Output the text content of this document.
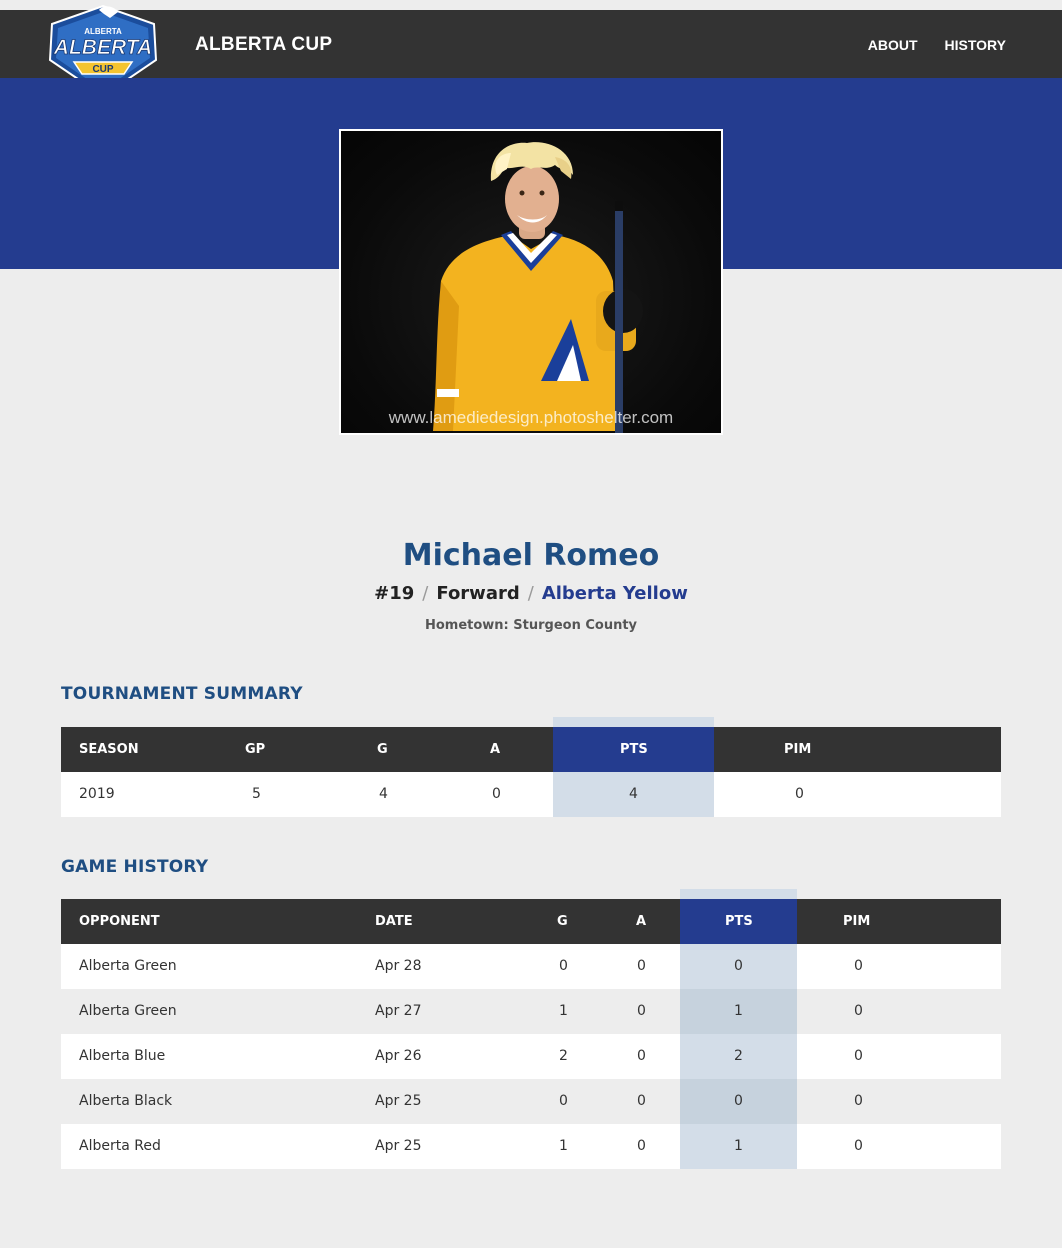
ALBERTA CUP	ABOUT HISTORY
ALBERTA
ALBERTA
CUP
www.lamediedesign.photoshelter.com
Michael Romeo
#19 / Forward / Alberta Yellow
Hometown: Sturgeon County
TOURNAMENT SUMMARY
SEASON	GP	G	A	PTS	PIM
2019	5	4	0	4	0
GAME HISTORY
OPPONENT	DATE	G	A	PTS	PIM
Alberta Green	Apr 28	0	0	0	0
Alberta Green	Apr 27	1	0	1	0
Alberta Blue	Apr 26	2	0	2	0
Alberta Black	Apr 25	0	0	0	0
Alberta Red	Apr 25	1	0	1	0
